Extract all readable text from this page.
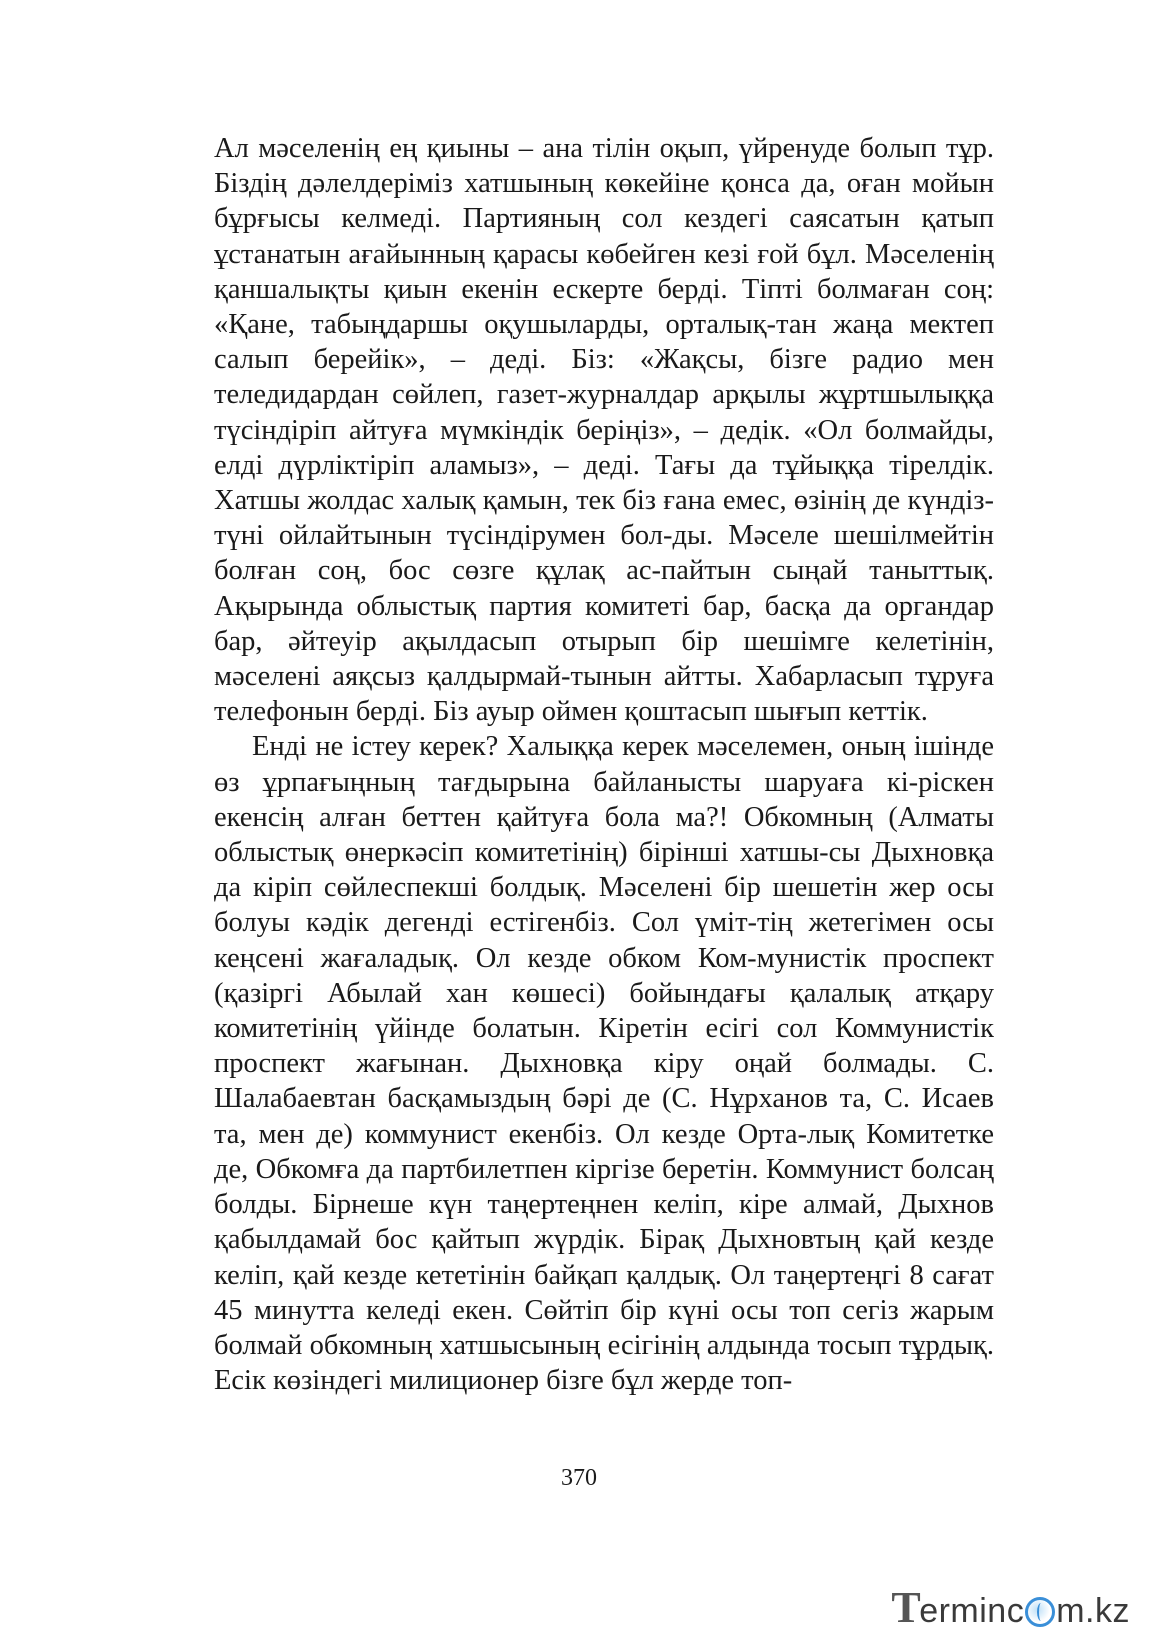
Ал мәселенің ең қиыны – ана тілін оқып, үйренуде болып тұр. Біздің дәлелдеріміз хатшының көкейіне қонса да, оған мойын бұрғысы келмеді. Партияның сол кездегі саясатын қатып ұстанатын ағайынның қарасы көбейген кезі ғой бұл. Мәселенің қаншалықты қиын екенін ескерте берді. Тіпті болмаған соң: «Қане, табыңдаршы оқушыларды, орталық-тан жаңа мектеп салып берейік», – деді. Біз: «Жақсы, бізге радио мен теледидардан сөйлеп, газет-журналдар арқылы жұртшылыққа түсіндіріп айтуға мүмкіндік беріңіз», – дедік. «Ол болмайды, елді дүрліктіріп аламыз», – деді. Тағы да тұйыққа тірелдік. Хатшы жолдас халық қамын, тек біз ғана емес, өзінің де күндіз-түні ойлайтынын түсіндірумен бол-ды. Мәселе шешілмейтін болған соң, бос сөзге құлақ ас-пайтын сыңай таныттық. Ақырында облыстық партия комитеті бар, басқа да органдар бар, әйтеуір ақылдасып отырып бір шешімге келетінін, мәселені аяқсыз қалдырмай-тынын айтты. Хабарласып тұруға телефонын берді. Біз ауыр оймен қоштасып шығып кеттік.

Енді не істеу керек? Халыққа керек мәселемен, оның ішінде өз ұрпағыңның тағдырына байланысты шаруаға кі-ріскен екенсің алған беттен қайтуға бола ма?! Обкомның (Алматы облыстық өнеркәсіп комитетінің) бірінші хатшы-сы Дыхновқа да кіріп сөйлеспекші болдық. Мәселені бір шешетін жер осы болуы кәдік дегенді естігенбіз. Сол үміт-тің жетегімен осы кеңсені жағаладық. Ол кезде обком Ком-мунистік проспект (қазіргі Абылай хан көшесі) бойындағы қалалық атқару комитетінің үйінде болатын. Кіретін есігі сол Коммунистік проспект жағынан. Дыхновқа кіру оңай болмады. С. Шалабаевтан басқамыздың бәрі де (С. Нұрханов та, С. Исаев та, мен де) коммунист екенбіз. Ол кезде Орта-лық Комитетке де, Обкомға да партбилетпен кіргізе беретін. Коммунист болсаң болды. Бірнеше күн таңертеңнен келіп, кіре алмай, Дыхнов қабылдамай бос қайтып жүрдік. Бірақ Дыхновтың қай кезде келіп, қай кезде кететінін байқап қалдық. Ол таңертеңгі 8 сағат 45 минутта келеді екен. Сөйтіп бір күні осы топ сегіз жарым болмай обкомның хатшысының есігінің алдында тосып тұрдық. Есік көзіндегі милиционер бізге бұл жерде топ-

370
T
erminc m.kz
